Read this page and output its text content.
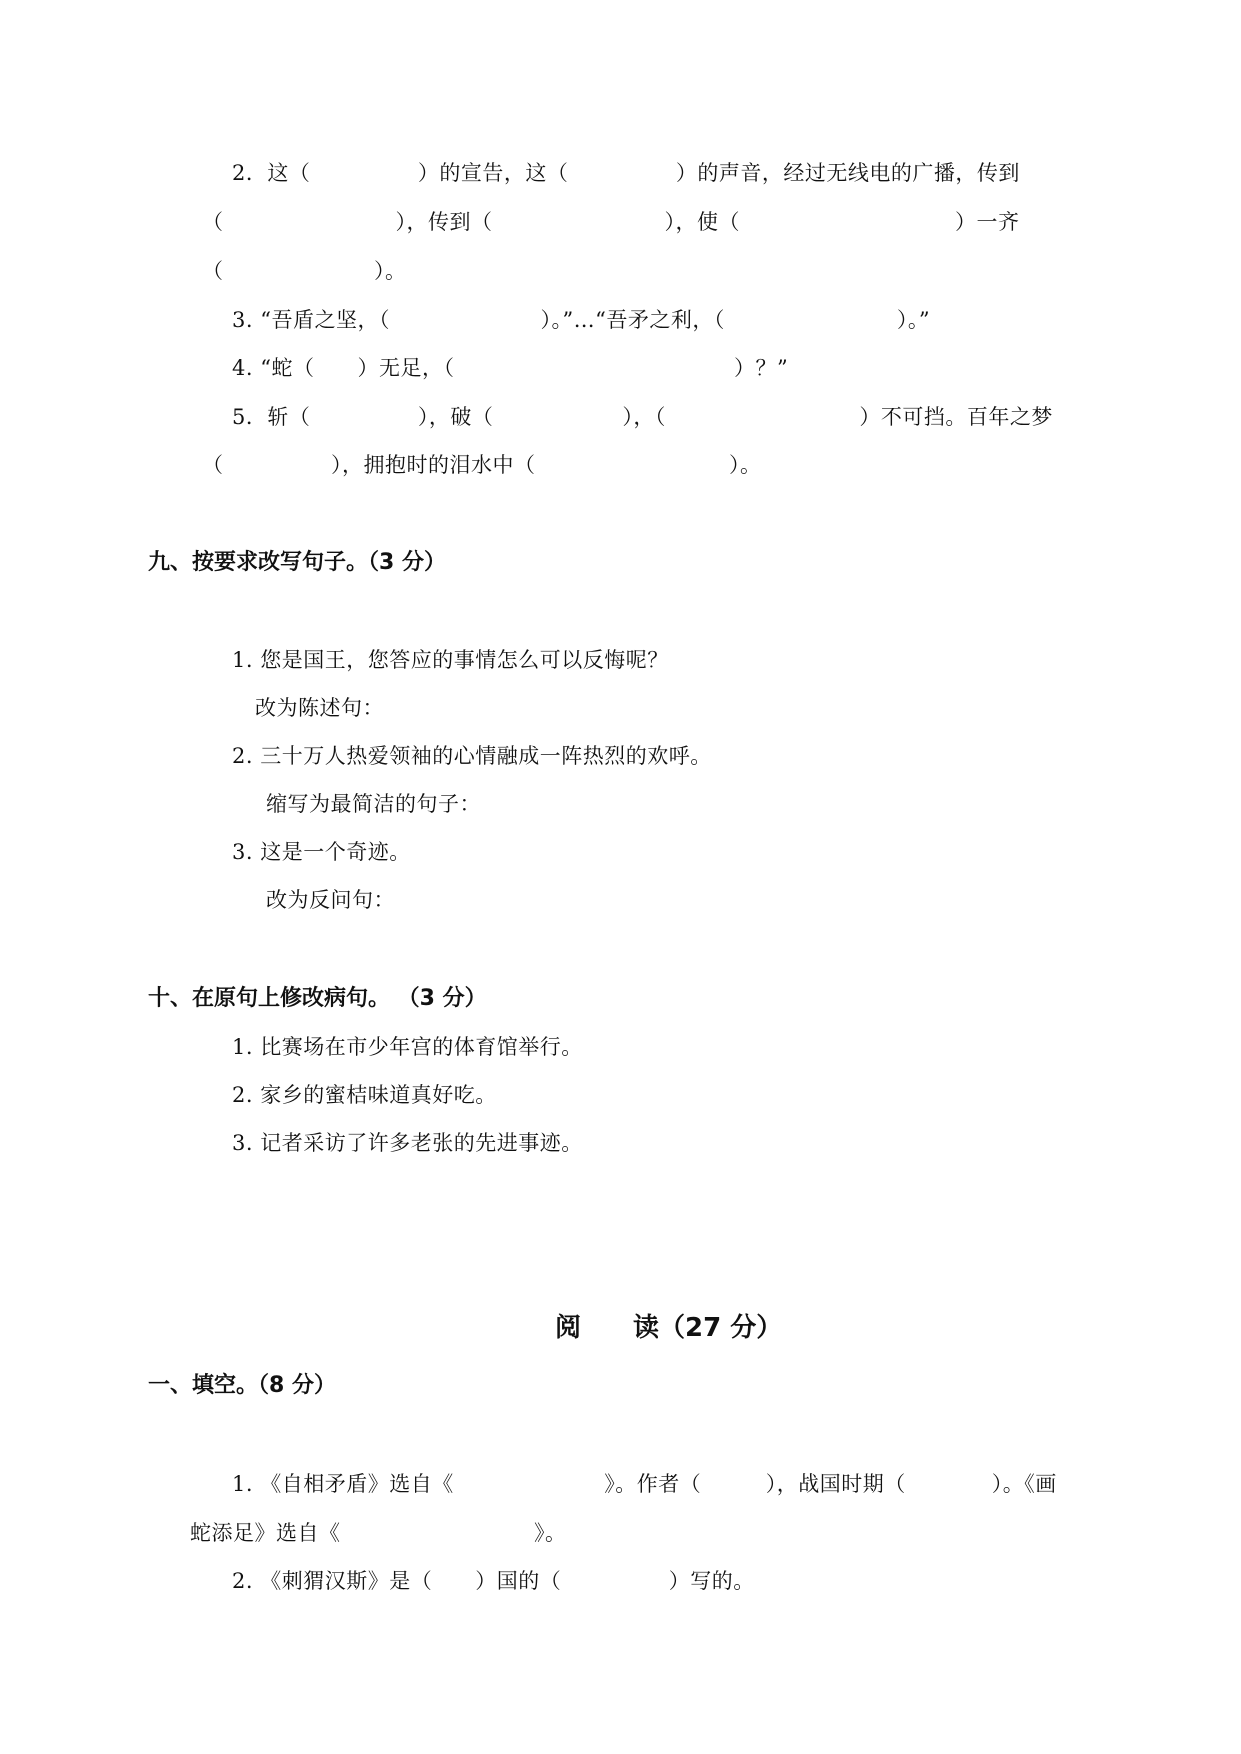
2．这（　　　　　）的宣告，这（　　　　　）的声音，经过无线电的广播，传到
（　　　　　　　　），传到（　　　　　　　　），使（　　　　　　　　　　）一齐
（　　　　　　　）。
3. “吾盾之坚，（　　　　　　　）。”…“吾矛之利，（　　　　　　　　）。”
4. “蛇（　　）无足，（　　　　　　　　　　　　　）？”
5．斩（　　　　　），破（　　　　　　），（　　　　　　　　　）不可挡。百年之梦
（　　　　　），拥抱时的泪水中（　　　　　　　　　）。
九、按要求改写句子。（3 分）
1. 您是国王，您答应的事情怎么可以反悔呢？
改为陈述句：
2. 三十万人热爱领袖的心情融成一阵热烈的欢呼。
缩写为最简洁的句子：
3. 这是一个奇迹。
改为反问句：
十、在原句上修改病句。 （3 分）
1. 比赛场在市少年宫的体育馆举行。
2. 家乡的蜜桔味道真好吃。
3. 记者采访了许多老张的先进事迹。
阅　　读（27 分）
一、填空。（8 分）
1. 《自相矛盾》选自《　　　　　　　》。作者（　　　），战国时期（　　　　）。《画
蛇添足》选自《　　　　　　　　　》。
2. 《刺猬汉斯》是（　　）国的（　　　　　）写的。
